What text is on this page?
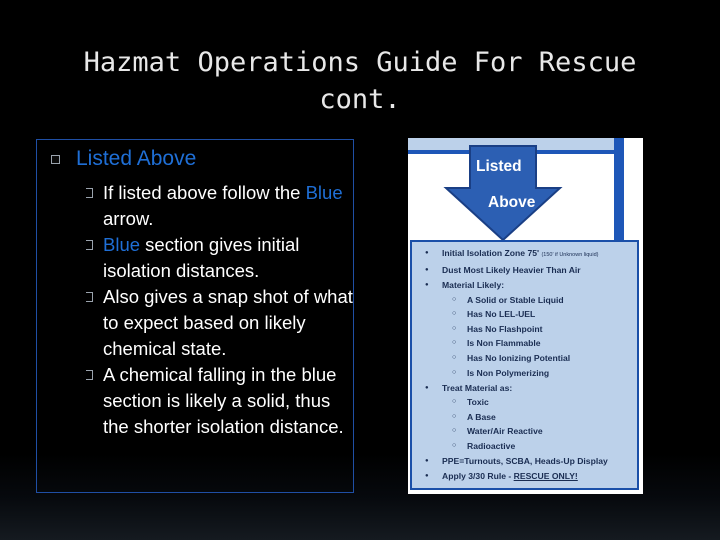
Hazmat Operations Guide For Rescue
cont.
Listed Above
If listed above follow the Blue arrow.
Blue section gives initial isolation distances.
Also gives a snap shot of what to expect based on likely chemical state.
A chemical falling in the blue section is likely a solid, thus the shorter isolation distance.
Listed
Above
● Initial Isolation Zone 75' (150' if Unknown liquid)
● Dust Most Likely Heavier Than Air
● Material Likely:
○ A Solid or Stable Liquid
○ Has No LEL-UEL
○ Has No Flashpoint
○ Is Non Flammable
○ Has No Ionizing Potential
○ Is Non Polymerizing
● Treat Material as:
○ Toxic
○ A Base
○ Water/Air Reactive
○ Radioactive
● PPE=Turnouts, SCBA, Heads-Up Display
● Apply 3/30 Rule - RESCUE ONLY!
